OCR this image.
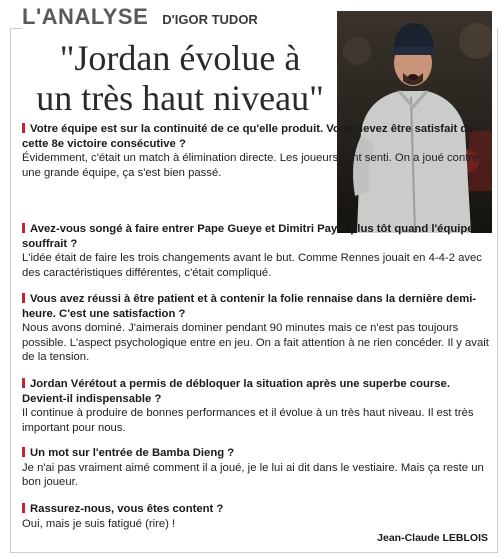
L'ANALYSE D'IGOR TUDOR
"Jordan évolue à
un très haut niveau"
Votre équipe est sur la continuité de ce qu'elle produit. Vous devez être satisfait de cette 8e victoire consécutive ?
Évidemment, c'était un match à élimination directe. Les joueurs l'ont senti. On a joué contre une grande équipe, ça s'est bien passé.
Avez-vous songé à faire entrer Pape Gueye et Dimitri Payet plus tôt quand l'équipe souffrait ?
L'idée était de faire les trois changements avant le but. Comme Rennes jouait en 4-4-2 avec des caractéristiques différentes, c'était compliqué.
Vous avez réussi à être patient et à contenir la folie rennaise dans la dernière demi-heure. C'est une satisfaction ?
Nous avons dominé. J'aimerais dominer pendant 90 minutes mais ce n'est pas toujours possible. L'aspect psychologique entre en jeu. On a fait attention à ne rien concéder. Il y avait de la tension.
Jordan Vérétout a permis de débloquer la situation après une superbe course. Devient-il indispensable ?
Il continue à produire de bonnes performances et il évolue à un très haut niveau. Il est très important pour nous.
Un mot sur l'entrée de Bamba Dieng ?
Je n'ai pas vraiment aimé comment il a joué, je le lui ai dit dans le vestiaire. Mais ça reste un bon joueur.
Rassurez-nous, vous êtes content ?
Oui, mais je suis fatigué (rire) !
Jean-Claude LEBLOIS
